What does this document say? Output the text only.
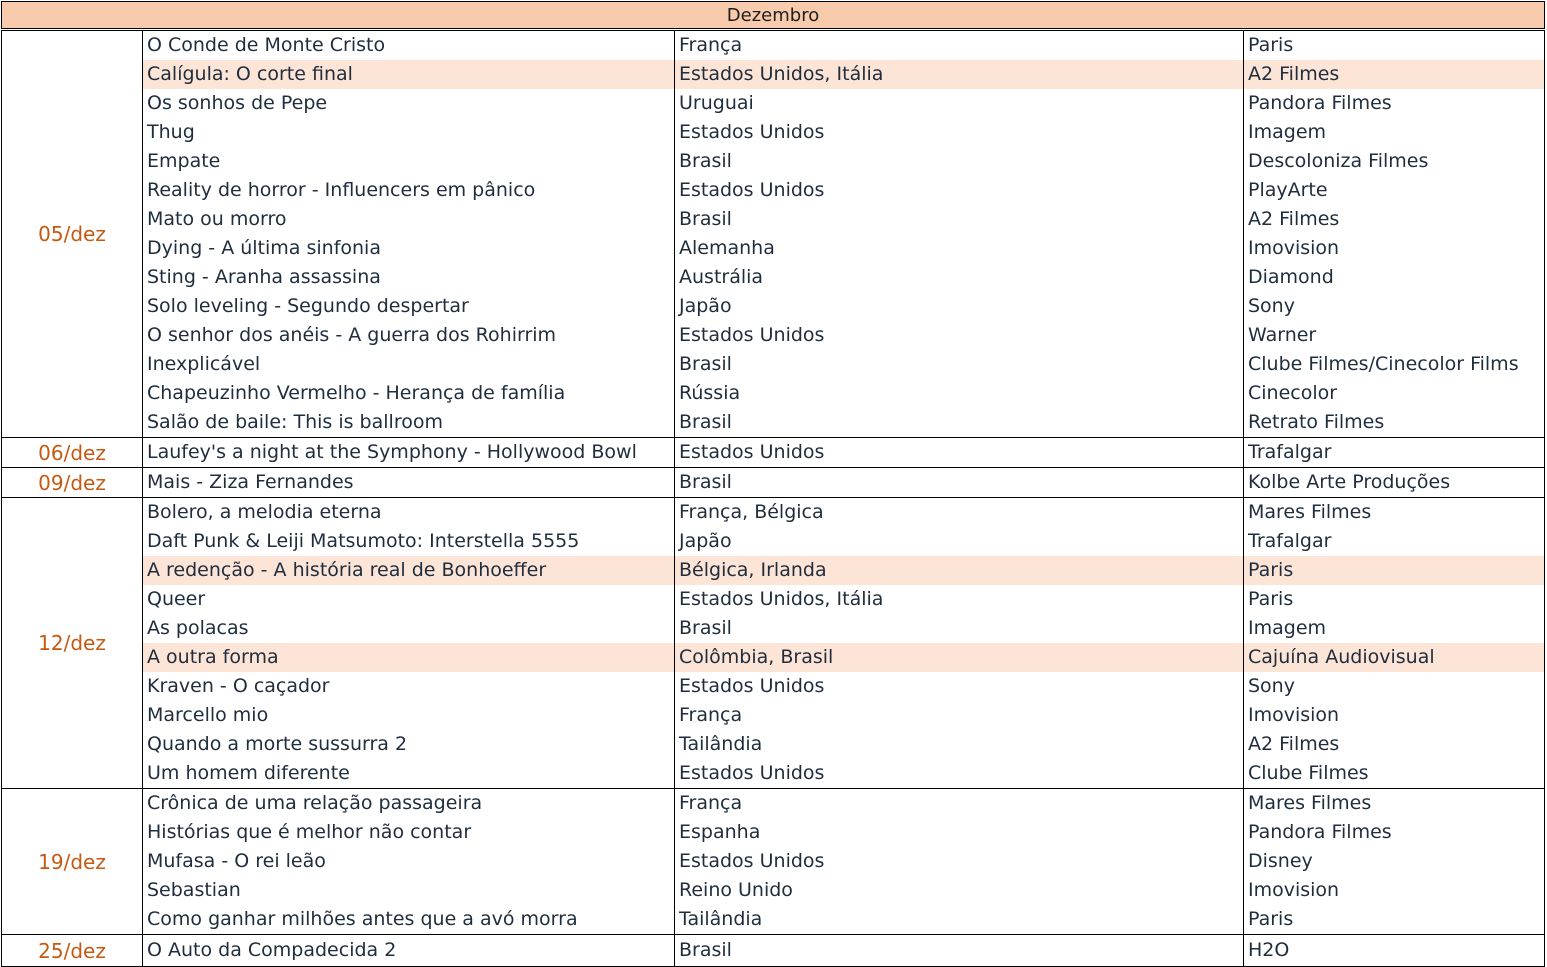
Dezembro
05/dez
O Conde de Monte Cristo	França	Paris
Calígula: O corte final	Estados Unidos, Itália	A2 Filmes
Os sonhos de Pepe	Uruguai	Pandora Filmes
Thug	Estados Unidos	Imagem
Empate	Brasil	Descoloniza Filmes
Reality de horror - Influencers em pânico	Estados Unidos	PlayArte
Mato ou morro	Brasil	A2 Filmes
Dying - A última sinfonia	Alemanha	Imovision
Sting - Aranha assassina	Austrália	Diamond
Solo leveling - Segundo despertar	Japão	Sony
O senhor dos anéis - A guerra dos Rohirrim	Estados Unidos	Warner
Inexplicável	Brasil	Clube Filmes/Cinecolor Films
Chapeuzinho Vermelho - Herança de família	Rússia	Cinecolor
Salão de baile: This is ballroom	Brasil	Retrato Filmes
06/dez	Laufey's a night at the Symphony - Hollywood Bowl	Estados Unidos	Trafalgar
09/dez	Mais - Ziza Fernandes	Brasil	Kolbe Arte Produções
12/dez
Bolero, a melodia eterna	França, Bélgica	Mares Filmes
Daft Punk & Leiji Matsumoto: Interstella 5555	Japão	Trafalgar
A redenção - A história real de Bonhoeffer	Bélgica, Irlanda	Paris
Queer	Estados Unidos, Itália	Paris
As polacas	Brasil	Imagem
A outra forma	Colômbia, Brasil	Cajuína Audiovisual
Kraven - O caçador	Estados Unidos	Sony
Marcello mio	França	Imovision
Quando a morte sussurra 2	Tailândia	A2 Filmes
Um homem diferente	Estados Unidos	Clube Filmes
19/dez
Crônica de uma relação passageira	França	Mares Filmes
Histórias que é melhor não contar	Espanha	Pandora Filmes
Mufasa - O rei leão	Estados Unidos	Disney
Sebastian	Reino Unido	Imovision
Como ganhar milhões antes que a avó morra	Tailândia	Paris
25/dez	O Auto da Compadecida 2	Brasil	H2O
